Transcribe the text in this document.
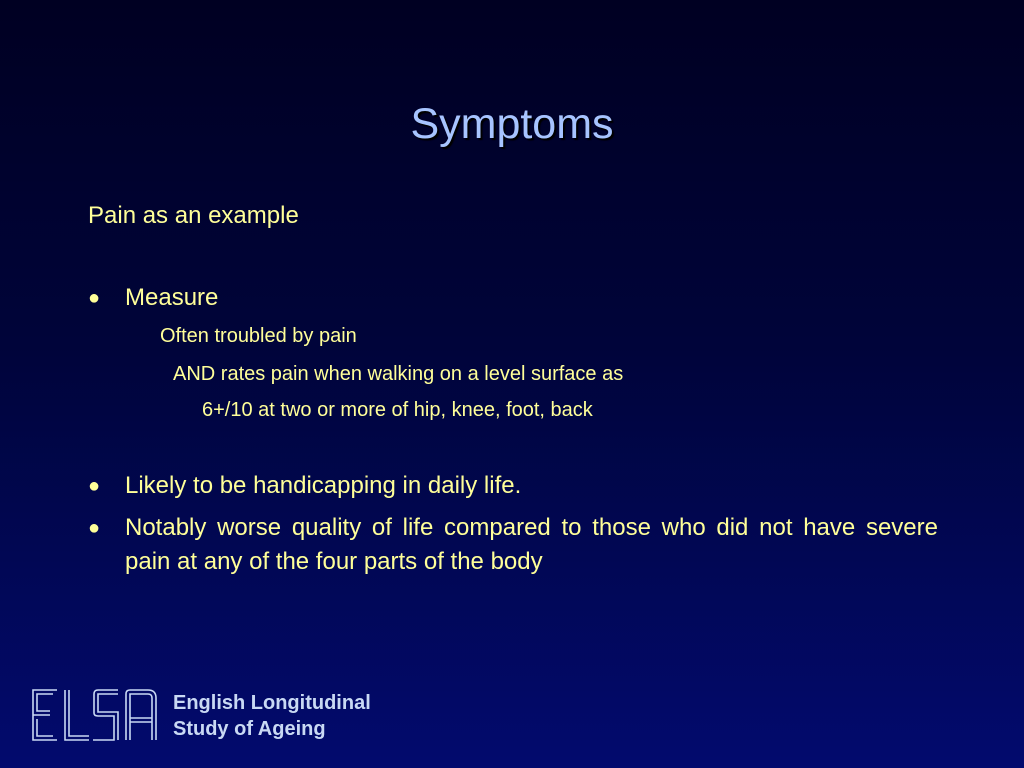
Symptoms
Pain as an example
●	Measure
Often troubled by pain
AND rates pain when walking on a level surface as
6+/10 at two or more of hip, knee, foot, back
●	Likely to be handicapping in daily life.
●	Notably worse quality of life compared to those who did not have severe pain at any of the four parts of the body
English Longitudinal
Study of Ageing
